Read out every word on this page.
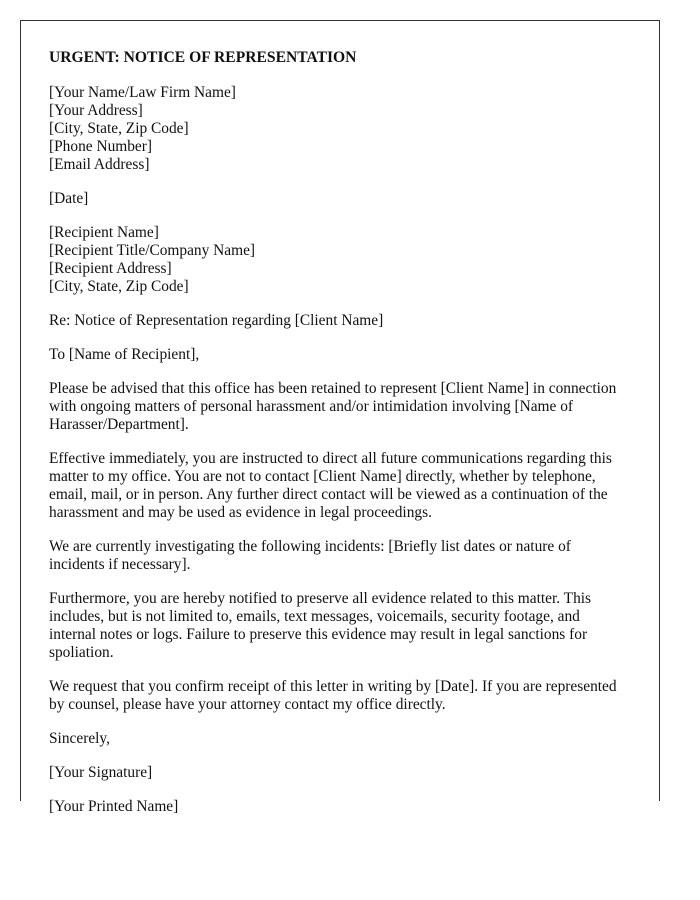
URGENT: NOTICE OF REPRESENTATION
[Your Name/Law Firm Name]
[Your Address]
[City, State, Zip Code]
[Phone Number]
[Email Address]
[Date]
[Recipient Name]
[Recipient Title/Company Name]
[Recipient Address]
[City, State, Zip Code]
Re: Notice of Representation regarding [Client Name]
To [Name of Recipient],

Please be advised that this office has been retained to represent [Client Name] in connection with ongoing matters of personal harassment and/or intimidation involving [Name of Harasser/Department].

Effective immediately, you are instructed to direct all future communications regarding this matter to my office. You are not to contact [Client Name] directly, whether by telephone, email, mail, or in person. Any further direct contact will be viewed as a continuation of the harassment and may be used as evidence in legal proceedings.

We are currently investigating the following incidents: [Briefly list dates or nature of incidents if necessary].

Furthermore, you are hereby notified to preserve all evidence related to this matter. This includes, but is not limited to, emails, text messages, voicemails, security footage, and internal notes or logs. Failure to preserve this evidence may result in legal sanctions for spoliation.

We request that you confirm receipt of this letter in writing by [Date]. If you are represented by counsel, please have your attorney contact my office directly.

Sincerely,
[Your Signature]
[Your Printed Name]
